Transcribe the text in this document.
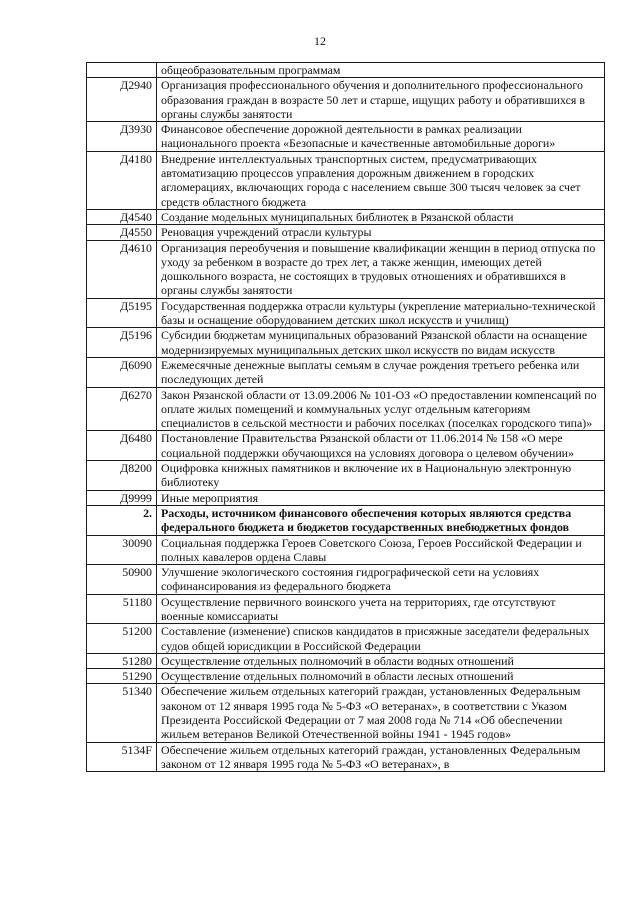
12
	общеобразовательным программам
Д2940	Организация профессионального обучения и дополнительного профессионального образования граждан в возрасте 50 лет и старше, ищущих работу и обратившихся в органы службы занятости
Д3930	Финансовое обеспечение дорожной деятельности в рамках реализации национального проекта «Безопасные и качественные автомобильные дороги»
Д4180	Внедрение интеллектуальных транспортных систем, предусматривающих автоматизацию процессов управления дорожным движением в городских агломерациях, включающих города с населением свыше 300 тысяч человек за счет средств областного бюджета
Д4540	Создание модельных муниципальных библиотек в Рязанской области
Д4550	Реновация учреждений отрасли культуры
Д4610	Организация переобучения и повышение квалификации женщин в период отпуска по уходу за ребенком в возрасте до трех лет, а также женщин, имеющих детей дошкольного возраста, не состоящих в трудовых отношениях и обратившихся в органы службы занятости
Д5195	Государственная поддержка отрасли культуры (укрепление материально-технической базы и оснащение оборудованием детских школ искусств и училищ)
Д5196	Субсидии бюджетам муниципальных образований Рязанской области на оснащение модернизируемых муниципальных детских школ искусств по видам искусств
Д6090	Ежемесячные денежные выплаты семьям в случае рождения третьего ребенка или последующих детей
Д6270	Закон Рязанской области от 13.09.2006 № 101-ОЗ «О предоставлении компенсаций по оплате жилых помещений и коммунальных услуг отдельным категориям специалистов в сельской местности и рабочих поселках (поселках городского типа)»
Д6480	Постановление Правительства Рязанской области от 11.06.2014 № 158 «О мерe социальной поддержки обучающихся на условиях договора о целевом обучении»
Д8200	Оцифровка книжных памятников и включение их в Национальную электронную библиотеку
Д9999	Иные мероприятия
2.	Расходы, источником финансового обеспечения которых являются средства федерального бюджета и бюджетов государственных внебюджетных фондов
30090	Социальная поддержка Героев Советского Союза, Героев Российской Федерации и полных кавалеров ордена Славы
50900	Улучшение экологического состояния гидрографической сети на условиях софинансирования из федерального бюджета
51180	Осуществление первичного воинского учета на территориях, где отсутствуют военные комиссариаты
51200	Составление (изменение) списков кандидатов в присяжные заседатели федеральных судов общей юрисдикции в Российской Федерации
51280	Осуществление отдельных полномочий в области водных отношений
51290	Осуществление отдельных полномочий в области лесных отношений
51340	Обеспечение жильем отдельных категорий граждан, установленных Федеральным законом от 12 января 1995 года № 5-ФЗ «О ветеранах», в соответствии с Указом Президента Российской Федерации от 7 мая 2008 года № 714 «Об обеспечении жильем ветеранов Великой Отечественной войны 1941 - 1945 годов»
5134F	Обеспечение жильем отдельных категорий граждан, установленных Федеральным законом от 12 января 1995 года № 5-ФЗ «О ветеранах», в
